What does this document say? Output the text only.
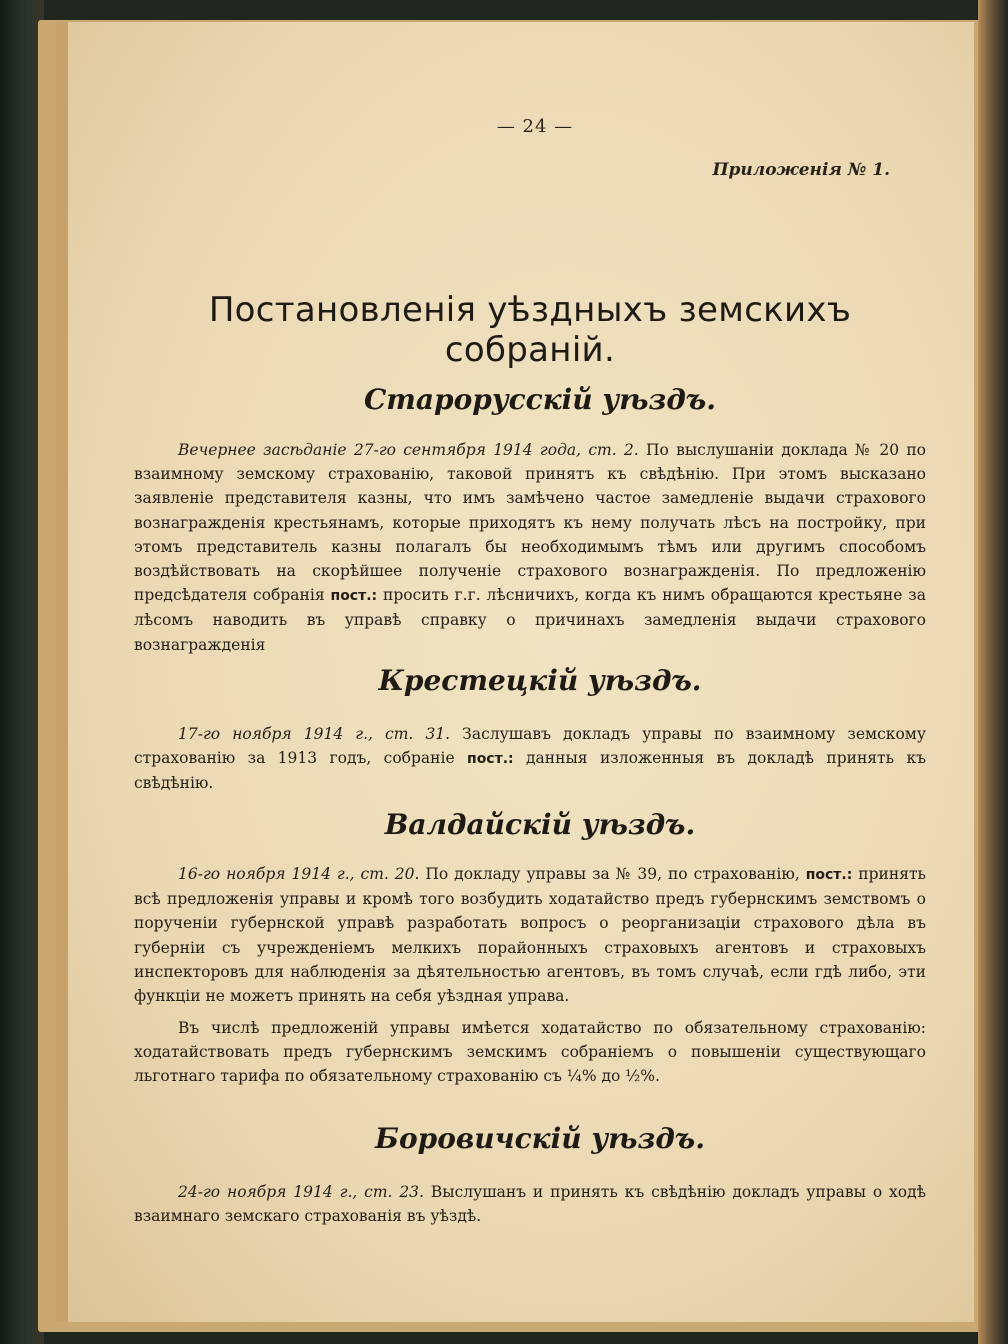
— 24 —
Приложенія № 1.
Постановленія уѣздныхъ земскихъ собраній.
Старорусскій уѣздъ.
Вечернее засѣданіе 27-го сентября 1914 года, ст. 2. По выслушаніи доклада № 20 по взаимному земскому страхованію, таковой принятъ къ свѣдѣнію. При этомъ высказано заявленіе представителя казны, что имъ замѣчено частое замедленіе выдачи страхового вознагражденія крестьянамъ, которые приходятъ къ нему получать лѣсъ на постройку, при этомъ представитель казны полагалъ бы необходимымъ тѣмъ или другимъ способомъ воздѣйствовать на скорѣйшее полученіе страхового вознагражденія. По предложенію предсѣдателя собранія пост.: просить г.г. лѣсничихъ, когда къ нимъ обращаются крестьяне за лѣсомъ наводить въ управѣ справку о причинахъ замедленія выдачи страхового вознагражденія
Крестецкій уѣздъ.
17-го ноября 1914 г., ст. 31. Заслушавъ докладъ управы по взаимному земскому страхованію за 1913 годъ, собраніе пост.: данныя изложенныя въ докладѣ принять къ свѣдѣнію.
Валдайскій уѣздъ.
16-го ноября 1914 г., ст. 20. По докладу управы за № 39, по страхованію, пост.: принять всѣ предложенія управы и кромѣ того возбудить ходатайство предъ губернскимъ земствомъ о порученіи губернской управѣ разработать вопросъ о реорганизаціи страхового дѣла въ губерніи съ учрежденіемъ мелкихъ порайонныхъ страховыхъ агентовъ и страховыхъ инспекторовъ для наблюденія за дѣятельностью агентовъ, въ томъ случаѣ, если гдѣ либо, эти функціи не можетъ принять на себя уѣздная управа.
Въ числѣ предложеній управы имѣется ходатайство по обязательному страхованію: ходатайствовать предъ губернскимъ земскимъ собраніемъ о повышеніи существующаго льготнаго тарифа по обязательному страхованію съ ¼% до ½%.
Боровичскій уѣздъ.
24-го ноября 1914 г., ст. 23. Выслушанъ и принять къ свѣдѣнію докладъ управы о ходѣ взаимнаго земскаго страхованія въ уѣздѣ.
